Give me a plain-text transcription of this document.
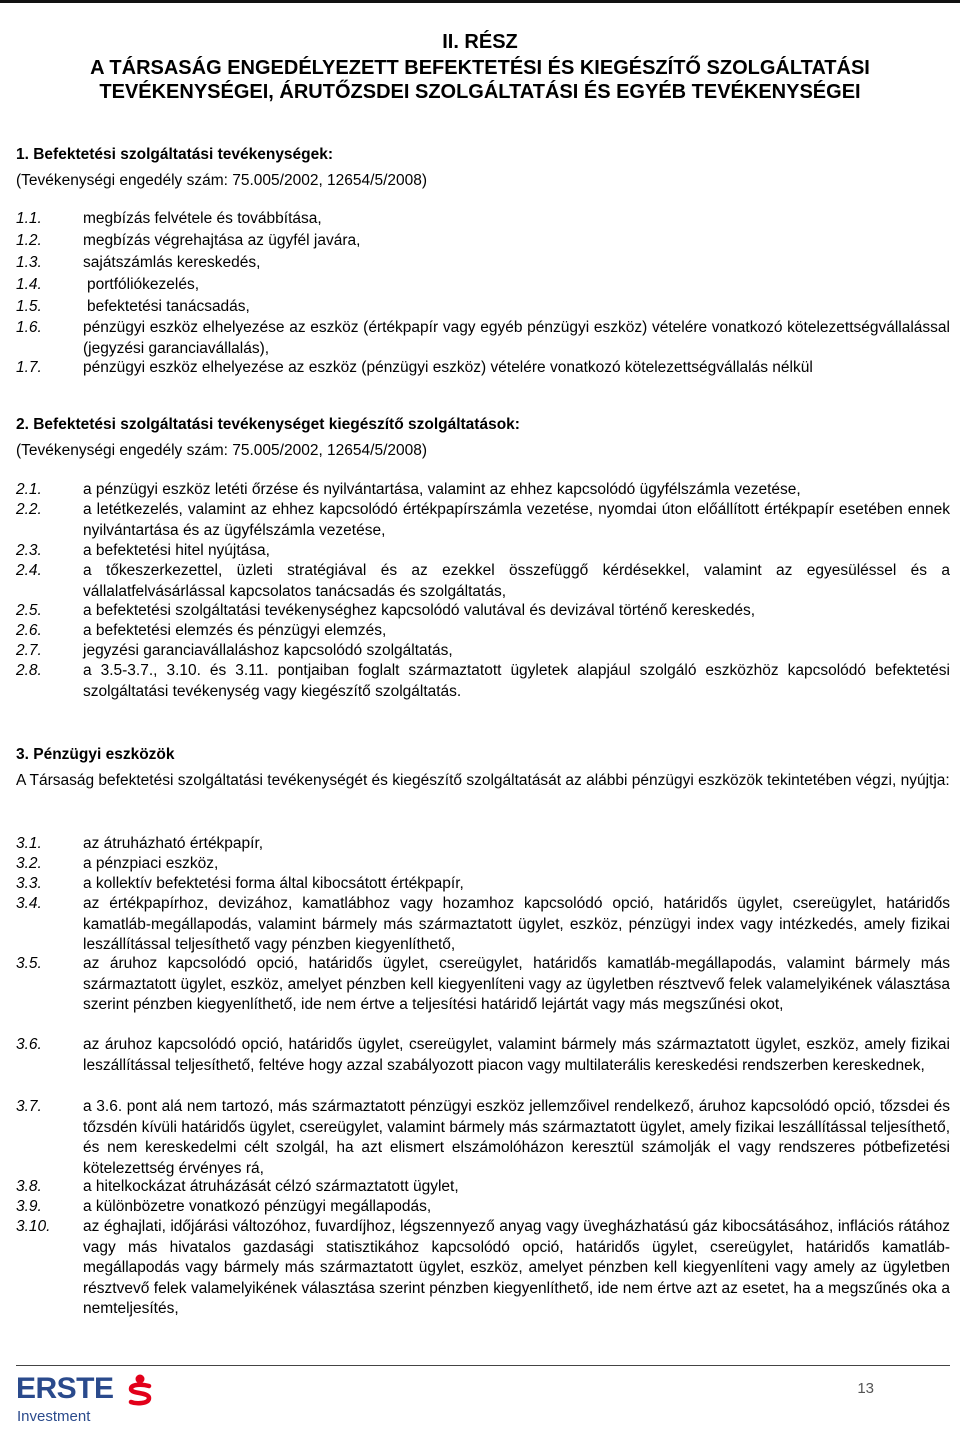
II. RÉSZ
A TÁRSASÁG ENGEDÉLYEZETT BEFEKTETÉSI ÉS KIEGÉSZÍTŐ SZOLGÁLTATÁSI
TEVÉKENYSÉGEI, ÁRUTŐZSDEI SZOLGÁLTATÁSI ÉS EGYÉB TEVÉKENYSÉGEI
1. Befektetési szolgáltatási tevékenységek:
(Tevékenységi engedély szám: 75.005/2002, 12654/5/2008)
1.1.	megbízás felvétele és továbbítása,
1.2.	megbízás végrehajtása az ügyfél javára,
1.3.	sajátszámlás kereskedés,
1.4.	portfóliókezelés,
1.5.	befektetési tanácsadás,
1.6.	pénzügyi eszköz elhelyezése az eszköz (értékpapír vagy egyéb pénzügyi eszköz) vételére vonatkozó kötelezettségvállalással (jegyzési garanciavállalás),
1.7.	pénzügyi eszköz elhelyezése az eszköz (pénzügyi eszköz) vételére vonatkozó kötelezettségvállalás nélkül
2. Befektetési szolgáltatási tevékenységet kiegészítő szolgáltatások:
(Tevékenységi engedély szám: 75.005/2002, 12654/5/2008)
2.1.	a pénzügyi eszköz letéti őrzése és nyilvántartása, valamint az ehhez kapcsolódó ügyfélszámla vezetése,
2.2.	a letétkezelés, valamint az ehhez kapcsolódó értékpapírszámla vezetése, nyomdai úton előállított értékpapír esetében ennek nyilvántartása és az ügyfélszámla vezetése,
2.3.	a befektetési hitel nyújtása,
2.4.	a tőkeszerkezettel, üzleti stratégiával és az ezekkel összefüggő kérdésekkel, valamint az egyesüléssel és a vállalatfelvásárlással kapcsolatos tanácsadás és szolgáltatás,
2.5.	a befektetési szolgáltatási tevékenységhez kapcsolódó valutával és devizával történő kereskedés,
2.6.	a befektetési elemzés és pénzügyi elemzés,
2.7.	jegyzési garanciavállaláshoz kapcsolódó szolgáltatás,
2.8.	a 3.5-3.7., 3.10. és 3.11. pontjaiban foglalt származtatott ügyletek alapjául szolgáló eszközhöz kapcsolódó befektetési szolgáltatási tevékenység vagy kiegészítő szolgáltatás.
3. Pénzügyi eszközök
A Társaság befektetési szolgáltatási tevékenységét és kiegészítő szolgáltatását az alábbi pénzügyi eszközök tekintetében végzi, nyújtja:
3.1.	az átruházható értékpapír,
3.2.	a pénzpiaci eszköz,
3.3.	a kollektív befektetési forma által kibocsátott értékpapír,
3.4.	az értékpapírhoz, devizához, kamatlábhoz vagy hozamhoz kapcsolódó opció, határidős ügylet, csereügylet, határidős kamatláb-megállapodás, valamint bármely más származtatott ügylet, eszköz, pénzügyi index vagy intézkedés, amely fizikai leszállítással teljesíthető vagy pénzben kiegyenlíthető,
3.5.	az áruhoz kapcsolódó opció, határidős ügylet, csereügylet, határidős kamatláb-megállapodás, valamint bármely más származtatott ügylet, eszköz, amelyet pénzben kell kiegyenlíteni vagy az ügyletben résztvevő felek valamelyikének választása szerint pénzben kiegyenlíthető, ide nem értve a teljesítési határidő lejártát vagy más megszűnési okot,
3.6.	az áruhoz kapcsolódó opció, határidős ügylet, csereügylet, valamint bármely más származtatott ügylet, eszköz, amely fizikai leszállítással teljesíthető, feltéve hogy azzal szabályozott piacon vagy multilaterális kereskedési rendszerben kereskednek,
3.7.	a 3.6. pont alá nem tartozó, más származtatott pénzügyi eszköz jellemzőivel rendelkező, áruhoz kapcsolódó opció, tőzsdei és tőzsdén kívüli határidős ügylet, csereügylet, valamint bármely más származtatott ügylet, amely fizikai leszállítással teljesíthető, és nem kereskedelmi célt szolgál, ha azt elismert elszámolóházon keresztül számolják el vagy rendszeres pótbefizetési kötelezettség érvényes rá,
3.8.	a hitelkockázat átruházását célzó származtatott ügylet,
3.9.	a különbözetre vonatkozó pénzügyi megállapodás,
3.10. az éghajlati, időjárási változóhoz, fuvardíjhoz, légszennyező anyag vagy üvegházhatású gáz kibocsátásához, inflációs rátához vagy más hivatalos gazdasági statisztikához kapcsolódó opció, határidős ügylet, csereügylet, határidős kamatláb-megállapodás vagy bármely más származtatott ügylet, eszköz, amelyet pénzben kell kiegyenlíteni vagy amely az ügyletben résztvevő felek valamelyikének választása szerint pénzben kiegyenlíthető, ide nem értve azt az esetet, ha a megszűnés oka a nemteljesítés,
ERSTE
Investment
13
